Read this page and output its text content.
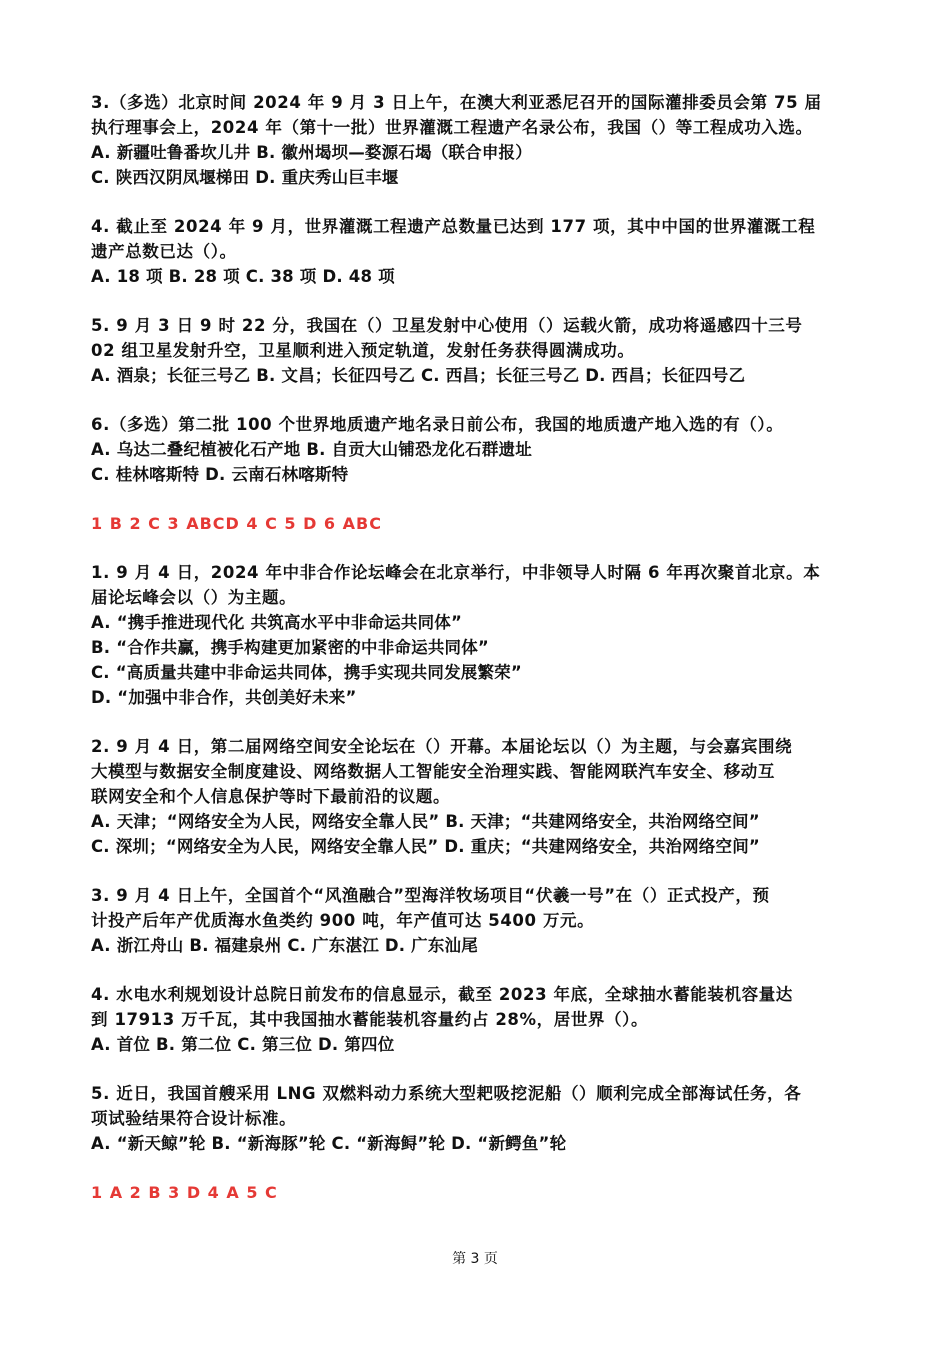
3.（多选）北京时间 2024 年 9 月 3 日上午，在澳大利亚悉尼召开的国际灌排委员会第 75 届
执行理事会上，2024 年（第十一批）世界灌溉工程遗产名录公布，我国（）等工程成功入选。
A. 新疆吐鲁番坎儿井 B. 徽州堨坝—婺源石堨（联合申报）
C. 陕西汉阴凤堰梯田 D. 重庆秀山巨丰堰
4. 截止至 2024 年 9 月，世界灌溉工程遗产总数量已达到 177 项，其中中国的世界灌溉工程
遗产总数已达（）。
A. 18 项 B. 28 项 C. 38 项 D. 48 项
5. 9 月 3 日 9 时 22 分，我国在（）卫星发射中心使用（）运载火箭，成功将遥感四十三号
02 组卫星发射升空，卫星顺利进入预定轨道，发射任务获得圆满成功。
A. 酒泉；长征三号乙 B. 文昌；长征四号乙 C. 西昌；长征三号乙 D. 西昌；长征四号乙
6.（多选）第二批 100 个世界地质遗产地名录日前公布，我国的地质遗产地入选的有（）。
A. 乌达二叠纪植被化石产地 B. 自贡大山铺恐龙化石群遗址
C. 桂林喀斯特 D. 云南石林喀斯特
1 B 2 C 3 ABCD 4 C 5 D 6 ABC
1. 9 月 4 日，2024 年中非合作论坛峰会在北京举行，中非领导人时隔 6 年再次聚首北京。本
届论坛峰会以（）为主题。
A. “携手推进现代化 共筑高水平中非命运共同体”
B. “合作共赢，携手构建更加紧密的中非命运共同体”
C. “高质量共建中非命运共同体，携手实现共同发展繁荣”
D. “加强中非合作，共创美好未来”
2. 9 月 4 日，第二届网络空间安全论坛在（）开幕。本届论坛以（）为主题，与会嘉宾围绕
大模型与数据安全制度建设、网络数据人工智能安全治理实践、智能网联汽车安全、移动互
联网安全和个人信息保护等时下最前沿的议题。
A. 天津；“网络安全为人民，网络安全靠人民” B. 天津；“共建网络安全，共治网络空间”
C. 深圳；“网络安全为人民，网络安全靠人民” D. 重庆；“共建网络安全，共治网络空间”
3. 9 月 4 日上午，全国首个“风渔融合”型海洋牧场项目“伏羲一号”在（）正式投产，预
计投产后年产优质海水鱼类约 900 吨，年产值可达 5400 万元。
A. 浙江舟山 B. 福建泉州 C. 广东湛江 D. 广东汕尾
4. 水电水利规划设计总院日前发布的信息显示，截至 2023 年底，全球抽水蓄能装机容量达
到 17913 万千瓦，其中我国抽水蓄能装机容量约占 28%，居世界（）。
A. 首位 B. 第二位 C. 第三位 D. 第四位
5. 近日，我国首艘采用 LNG 双燃料动力系统大型耙吸挖泥船（）顺利完成全部海试任务，各
项试验结果符合设计标准。
A. “新天鲸”轮 B. “新海豚”轮 C. “新海鲟”轮 D. “新鳄鱼”轮
1 A 2 B 3 D 4 A 5 C
第 3 页
